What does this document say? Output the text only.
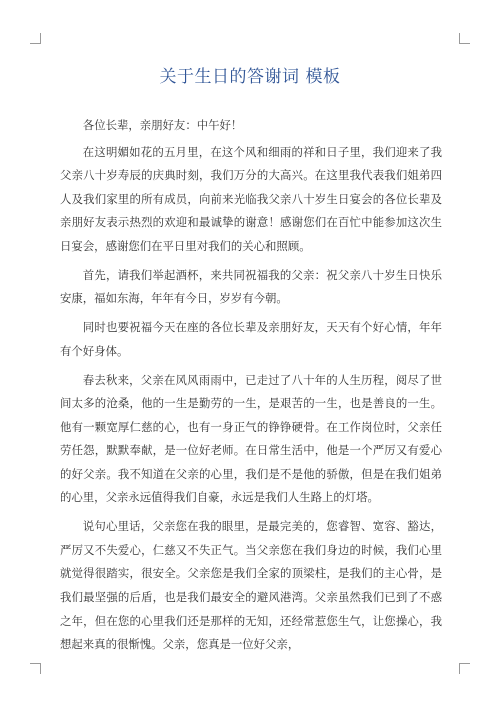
关于生日的答谢词 模板

各位长辈，亲朋好友：中午好！

在这明媚如花的五月里，在这个风和细雨的祥和日子里，我们迎来了我父亲八十岁寿辰的庆典时刻，我们万分的大高兴。在这里我代表我们姐弟四人及我们家里的所有成员，向前来光临我父亲八十岁生日宴会的各位长辈及亲朋好友表示热烈的欢迎和最诚挚的谢意！感谢您们在百忙中能参加这次生日宴会，感谢您们在平日里对我们的关心和照顾。

首先，请我们举起酒杯，来共同祝福我的父亲：祝父亲八十岁生日快乐安康，福如东海，年年有今日，岁岁有今朝。

同时也要祝福今天在座的各位长辈及亲朋好友，天天有个好心情，年年有个好身体。

春去秋来，父亲在风风雨雨中，已走过了八十年的人生历程，阅尽了世间太多的沧桑，他的一生是勤劳的一生，是艰苦的一生，也是善良的一生。他有一颗宽厚仁慈的心，也有一身正气的铮铮硬骨。在工作岗位时，父亲任劳任怨，默默奉献，是一位好老师。在日常生活中，他是一个严厉又有爱心的好父亲。我不知道在父亲的心里，我们是不是他的骄傲，但是在我们姐弟的心里，父亲永远值得我们自豪，永远是我们人生路上的灯塔。

说句心里话，父亲您在我的眼里，是最完美的，您睿智、宽容、豁达，严厉又不失爱心，仁慈又不失正气。当父亲您在我们身边的时候，我们心里就觉得很踏实，很安全。父亲您是我们全家的顶梁柱，是我们的主心骨，是我们最坚强的后盾，也是我们最安全的避风港湾。父亲虽然我们已到了不惑之年，但在您的心里我们还是那样的无知，还经常惹您生气，让您操心，我想起来真的很惭愧。父亲，您真是一位好父亲，
